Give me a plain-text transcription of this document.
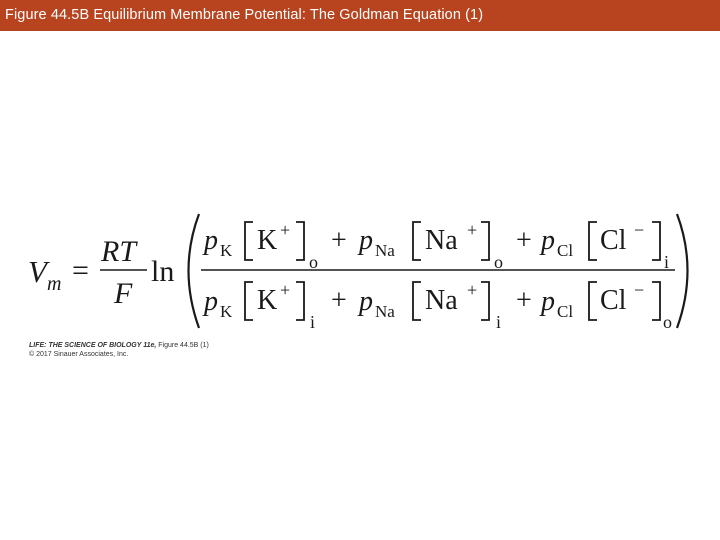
Figure 44.5B Equilibrium Membrane Potential: The Goldman Equation (1)
V m =
RT
F
ln
p K K +
o
+ p Na Na +
o
+ p Cl Cl −
i
p K K +
i
+ p Na Na +
i
+ p Cl Cl −
o
LIFE: THE SCIENCE OF BIOLOGY 11e, Figure 44.5B (1)
© 2017 Sinauer Associates, Inc.
